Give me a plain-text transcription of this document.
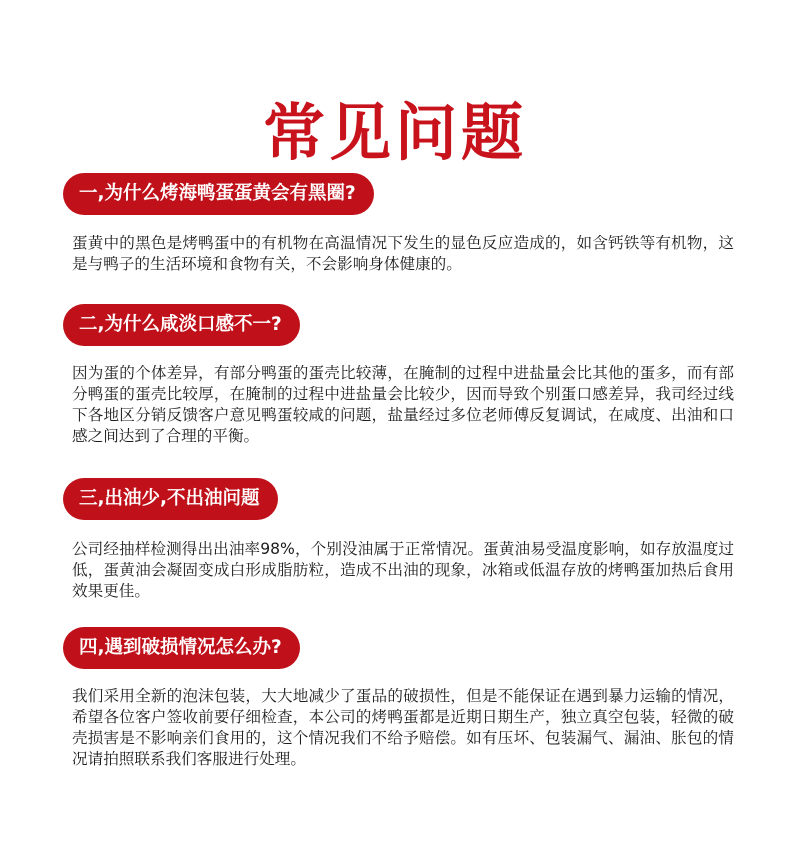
常见问题
一,为什么烤海鸭蛋蛋黄会有黑圈?

蛋黄中的黑色是烤鸭蛋中的有机物在高温情况下发生的显色反应造成的，如含钙铁等有机物，这是与鸭子的生活环境和食物有关，不会影响身体健康的。

二,为什么咸淡口感不一?

因为蛋的个体差异，有部分鸭蛋的蛋壳比较薄，在腌制的过程中进盐量会比其他的蛋多，而有部分鸭蛋的蛋壳比较厚，在腌制的过程中进盐量会比较少，因而导致个别蛋口感差异，我司经过线下各地区分销反馈客户意见鸭蛋较咸的问题，盐量经过多位老师傅反复调试，在咸度、出油和口感之间达到了合理的平衡。

三,出油少,不出油问题

公司经抽样检测得出出油率98%，个别没油属于正常情况。蛋黄油易受温度影响，如存放温度过低，蛋黄油会凝固变成白形成脂肪粒，造成不出油的现象，冰箱或低温存放的烤鸭蛋加热后食用效果更佳。

四,遇到破损情况怎么办?

我们采用全新的泡沫包装，大大地减少了蛋品的破损性，但是不能保证在遇到暴力运输的情况，希望各位客户签收前要仔细检查，本公司的烤鸭蛋都是近期日期生产，独立真空包装，轻微的破壳损害是不影响亲们食用的，这个情况我们不给予赔偿。如有压坏、包装漏气、漏油、胀包的情况请拍照联系我们客服进行处理。
